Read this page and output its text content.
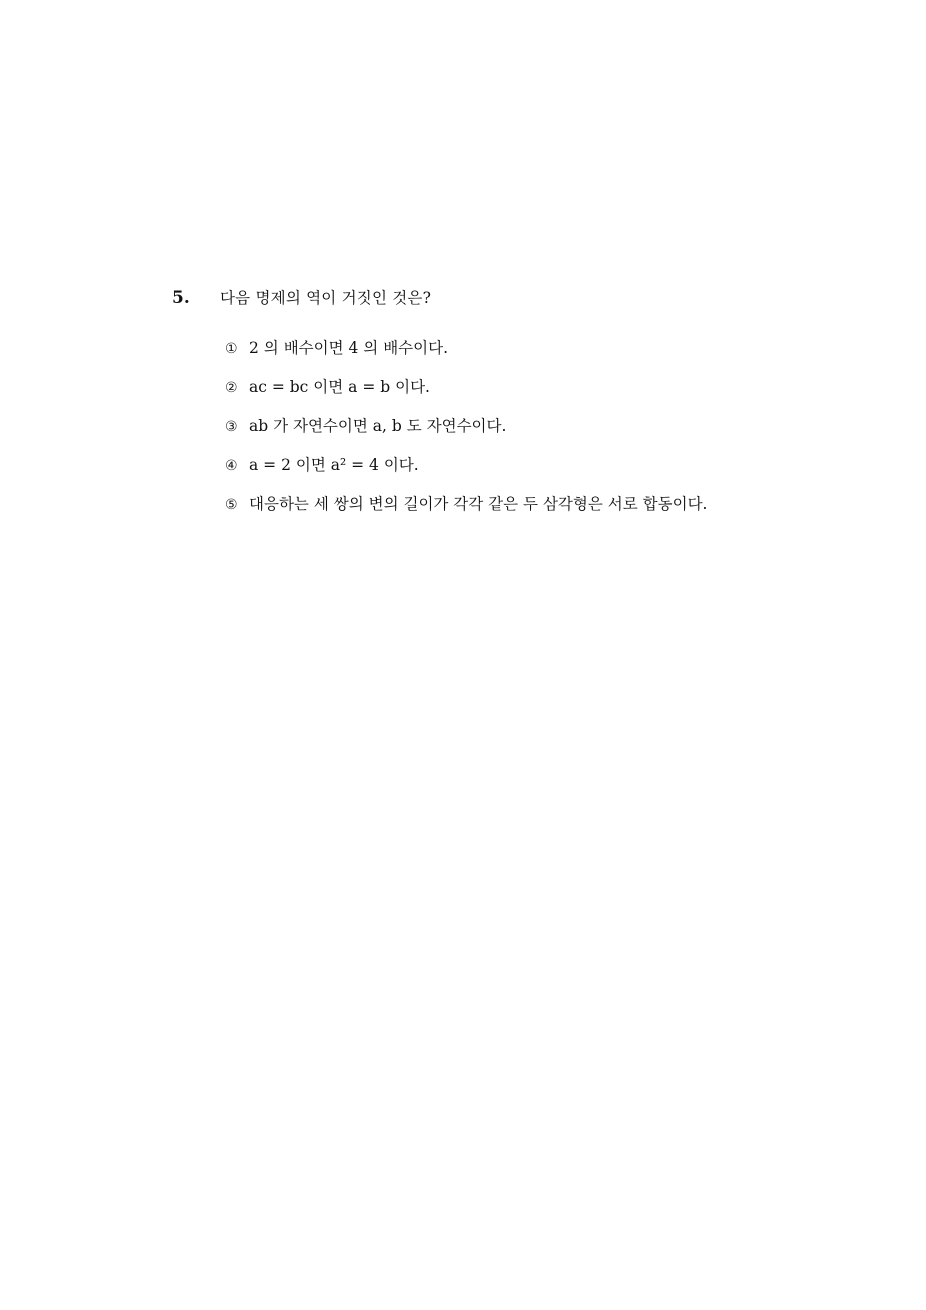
5.	다음 명제의 역이 거짓인 것은?
① 2 의 배수이면 4 의 배수이다.
② ac = bc 이면 a = b 이다.
③ ab 가 자연수이면 a, b 도 자연수이다.
④ a = 2 이면 a² = 4 이다.
⑤ 대응하는 세 쌍의 변의 길이가 각각 같은 두 삼각형은 서로 합동이다.
